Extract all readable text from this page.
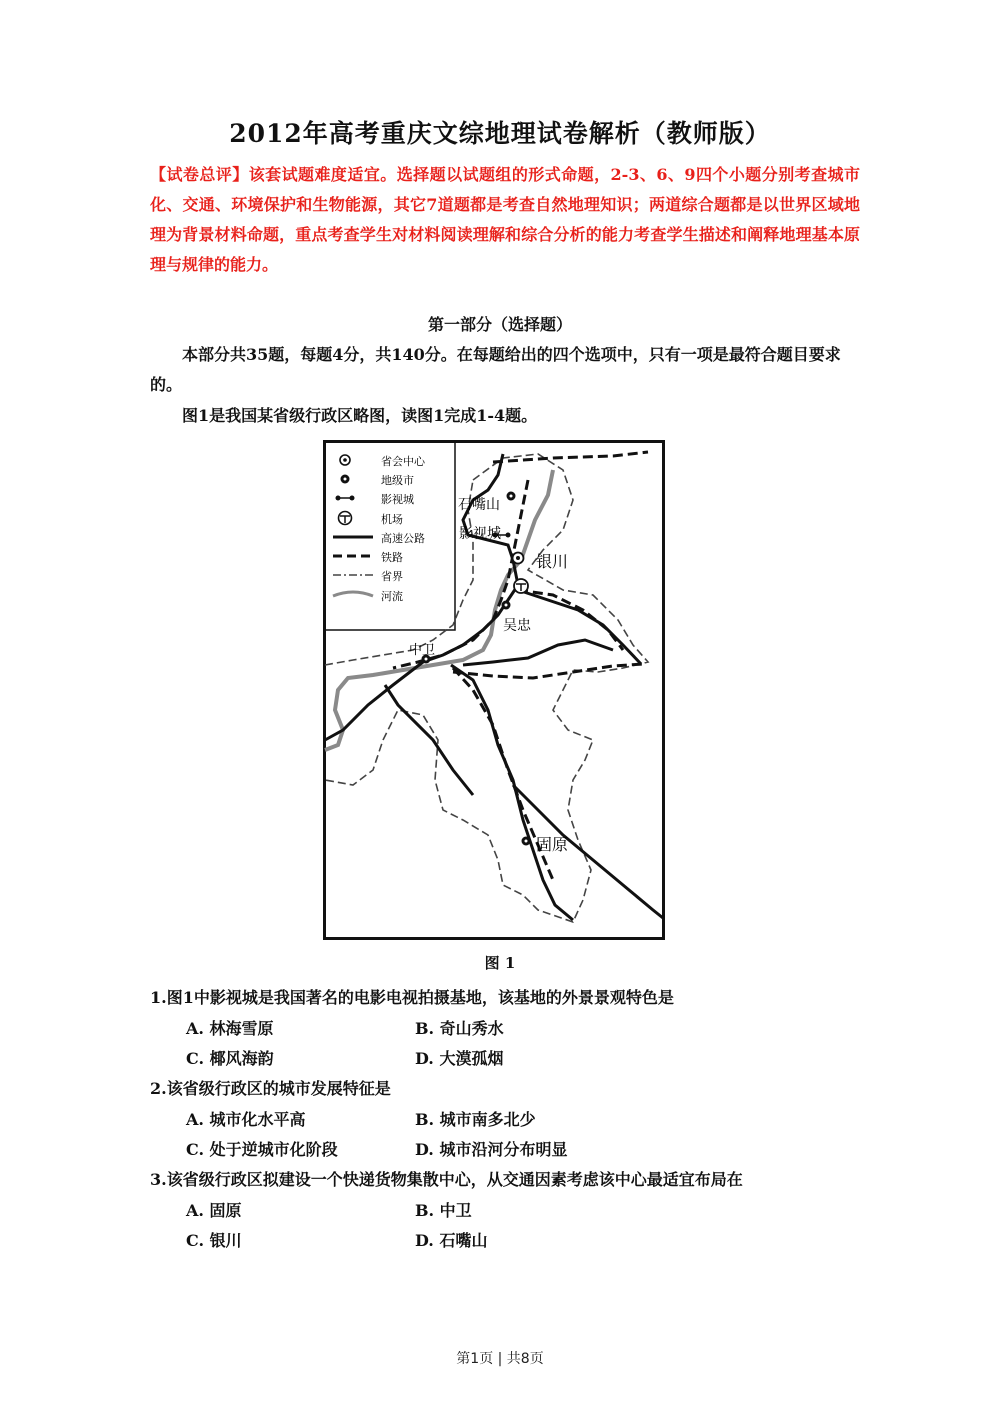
2012年高考重庆文综地理试卷解析（教师版）
【试卷总评】该套试题难度适宜。选择题以试题组的形式命题，2-3、6、9四个小题分别考查城市化、交通、环境保护和生物能源，其它7道题都是考查自然地理知识；两道综合题都是以世界区域地理为背景材料命题，重点考查学生对材料阅读理解和综合分析的能力考查学生描述和阐释地理基本原理与规律的能力。
第一部分（选择题）
本部分共35题，每题4分，共140分。在每题给出的四个选项中，只有一项是最符合题目要求的。
图1是我国某省级行政区略图，读图1完成1-4题。
省会中心
地级市
影视城
机场
高速公路
铁路
省界
河流
石嘴山
影视城
银川
吴忠
中卫
固原
图 1
1.图1中影视城是我国著名的电影电视拍摄基地，该基地的外景景观特色是
A. 林海雪原	B. 奇山秀水
C. 椰风海韵	D. 大漠孤烟
2.该省级行政区的城市发展特征是
A. 城市化水平高	B. 城市南多北少
C. 处于逆城市化阶段	D. 城市沿河分布明显
3.该省级行政区拟建设一个快递货物集散中心，从交通因素考虑该中心最适宜布局在
A. 固原	B. 中卫
C. 银川	D. 石嘴山
第1页 | 共8页
